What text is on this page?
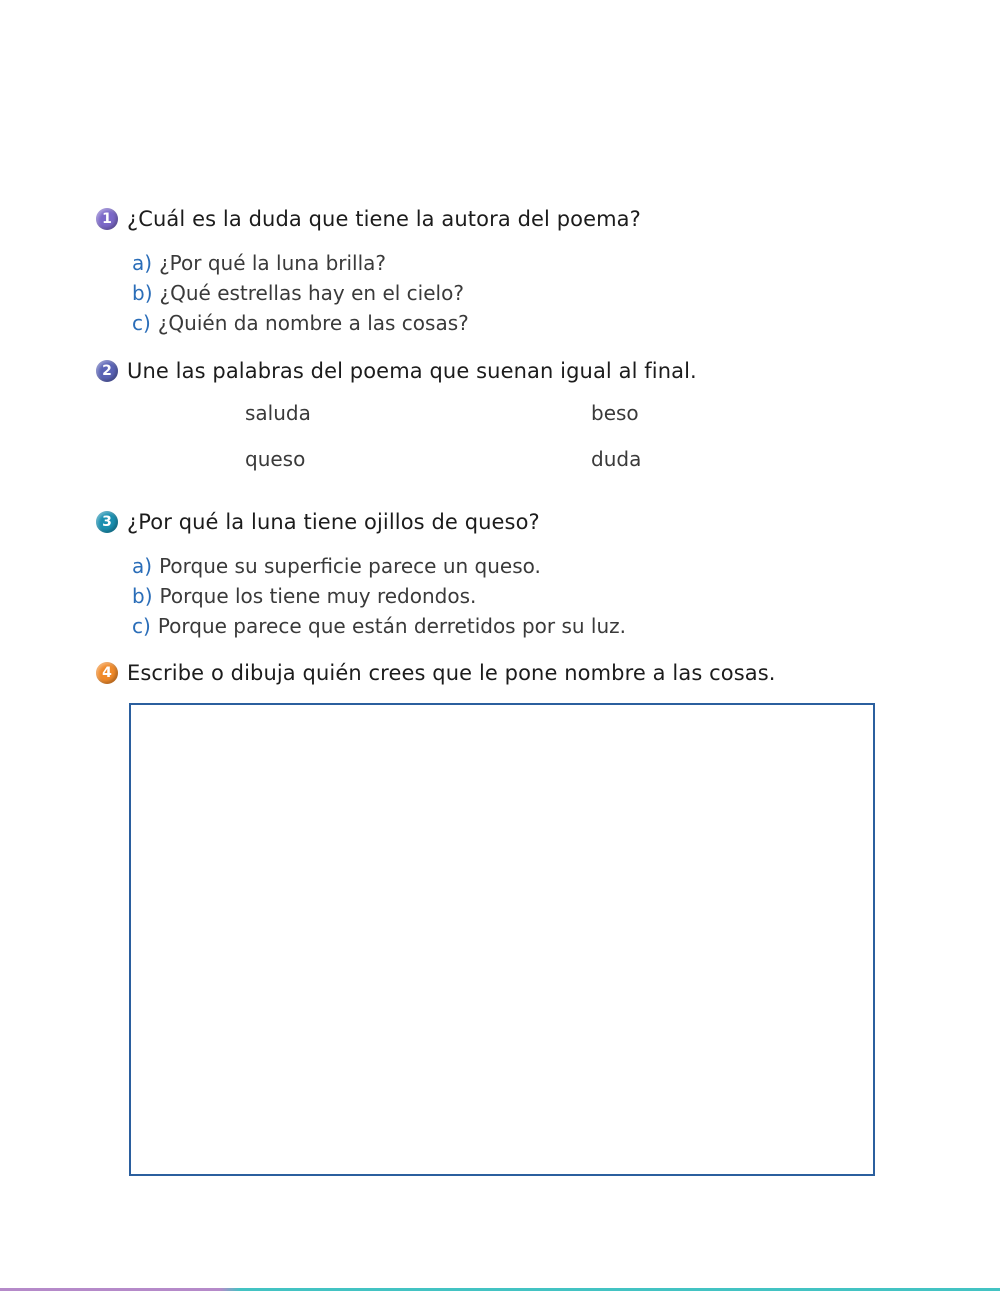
1 ¿Cuál es la duda que tiene la autora del poema?
a) ¿Por qué la luna brilla?
b) ¿Qué estrellas hay en el cielo?
c) ¿Quién da nombre a las cosas?
2 Une las palabras del poema que suenan igual al final.
saluda
queso
beso
duda
3 ¿Por qué la luna tiene ojillos de queso?
a) Porque su superficie parece un queso.
b) Porque los tiene muy redondos.
c) Porque parece que están derretidos por su luz.
4 Escribe o dibuja quién crees que le pone nombre a las cosas.
